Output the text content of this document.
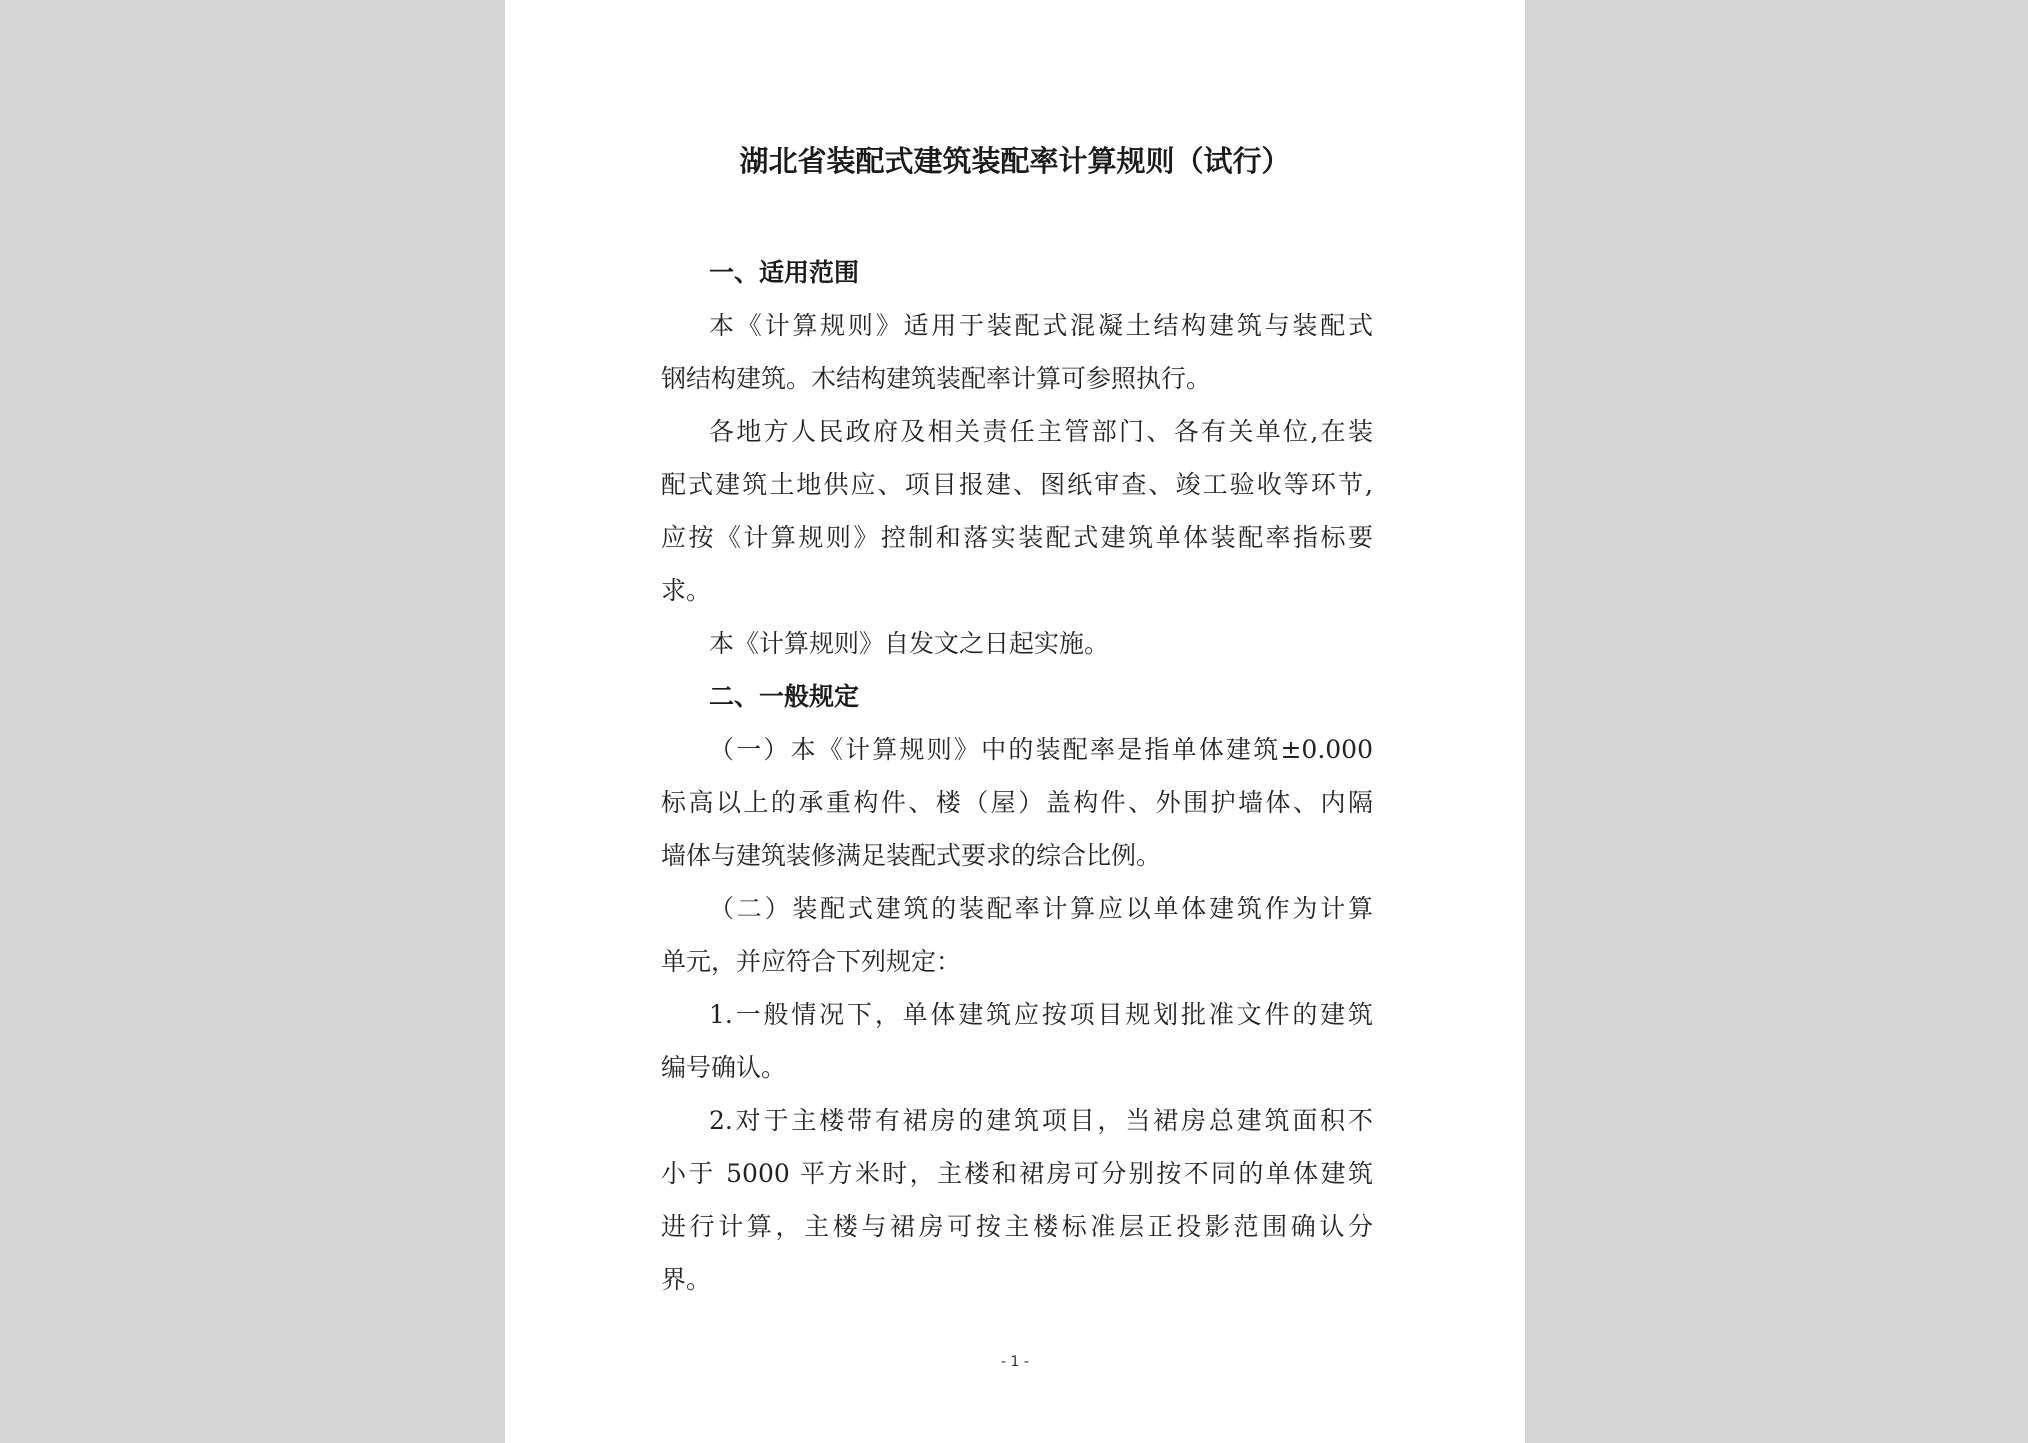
湖北省装配式建筑装配率计算规则（试行）
一、适用范围
本《计算规则》适用于装配式混凝土结构建筑与装配式
钢结构建筑。木结构建筑装配率计算可参照执行。
各地方人民政府及相关责任主管部门、各有关单位,在装
配式建筑土地供应、项目报建、图纸审查、竣工验收等环节,
应按《计算规则》控制和落实装配式建筑单体装配率指标要
求。
本《计算规则》自发文之日起实施。
二、一般规定
（一）本《计算规则》中的装配率是指单体建筑±0.000
标高以上的承重构件、楼（屋）盖构件、外围护墙体、内隔
墙体与建筑装修满足装配式要求的综合比例。
（二）装配式建筑的装配率计算应以单体建筑作为计算
单元，并应符合下列规定：
1.一般情况下，单体建筑应按项目规划批准文件的建筑
编号确认。
2.对于主楼带有裙房的建筑项目，当裙房总建筑面积不
小于 5000 平方米时，主楼和裙房可分别按不同的单体建筑
进行计算，主楼与裙房可按主楼标准层正投影范围确认分
界。
- 1 -
